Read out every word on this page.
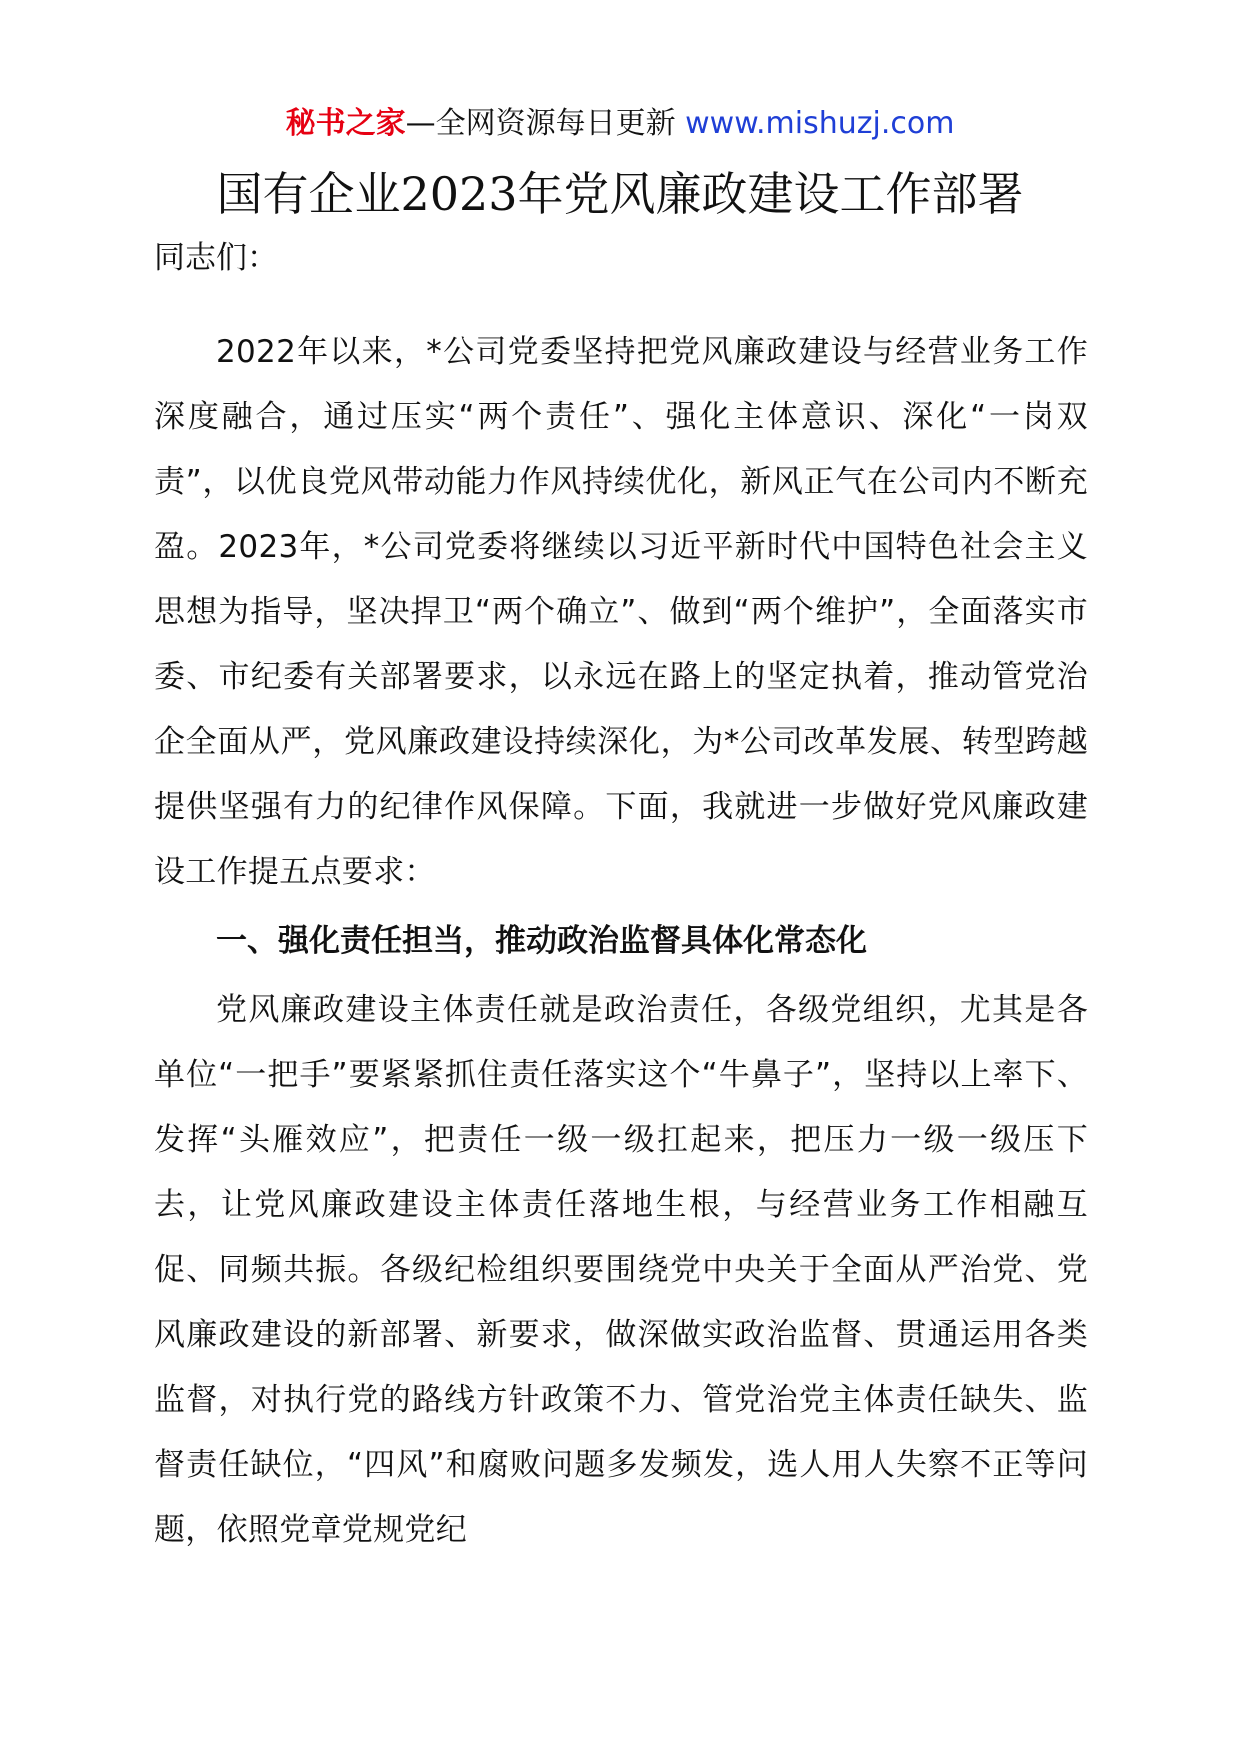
秘书之家—全网资源每日更新 www.mishuzj.com
国有企业2023年党风廉政建设工作部署

同志们：

2022年以来，*公司党委坚持把党风廉政建设与经营业务工作深度融合，通过压实“两个责任”、强化主体意识、深化“一岗双责”，以优良党风带动能力作风持续优化，新风正气在公司内不断充盈。2023年，*公司党委将继续以习近平新时代中国特色社会主义思想为指导，坚决捍卫“两个确立”、做到“两个维护”，全面落实市委、市纪委有关部署要求，以永远在路上的坚定执着，推动管党治企全面从严，党风廉政建设持续深化，为*公司改革发展、转型跨越提供坚强有力的纪律作风保障。下面，我就进一步做好党风廉政建设工作提五点要求：

一、强化责任担当，推动政治监督具体化常态化

党风廉政建设主体责任就是政治责任，各级党组织，尤其是各单位“一把手”要紧紧抓住责任落实这个“牛鼻子”，坚持以上率下、发挥“头雁效应”，把责任一级一级扛起来，把压力一级一级压下去，让党风廉政建设主体责任落地生根，与经营业务工作相融互促、同频共振。各级纪检组织要围绕党中央关于全面从严治党、党风廉政建设的新部署、新要求，做深做实政治监督、贯通运用各类监督，对执行党的路线方针政策不力、管党治党主体责任缺失、监督责任缺位，“四风”和腐败问题多发频发，选人用人失察不正等问题，依照党章党规党纪
